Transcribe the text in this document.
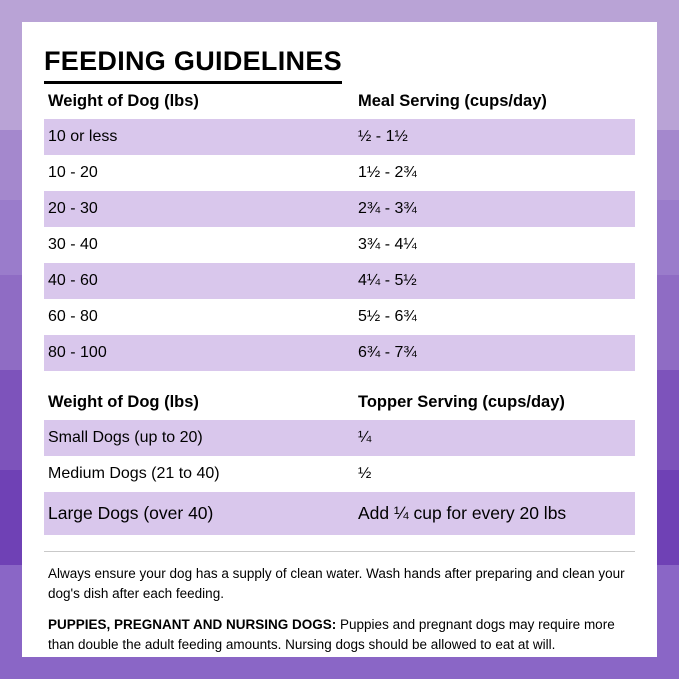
FEEDING GUIDELINES
Weight of Dog (lbs)	Meal Serving (cups/day)
10 or less	½ - 1½
10 - 20	1½ - 2¾
20 - 30	2¾ - 3¾
30 - 40	3¾ - 4¼
40 - 60	4¼ - 5½
60 - 80	5½ - 6¾
80 - 100	6¾ - 7¾
Weight of Dog (lbs)	Topper Serving (cups/day)
Small Dogs (up to 20)	¼
Medium Dogs (21 to 40)	½
Large Dogs (over 40)	Add ¼ cup for every 20 lbs

Always ensure your dog has a supply of clean water. Wash hands after preparing and clean your dog's dish after each feeding.

PUPPIES, PREGNANT AND NURSING DOGS: Puppies and pregnant dogs may require more than double the adult feeding amounts. Nursing dogs should be allowed to eat at will.
